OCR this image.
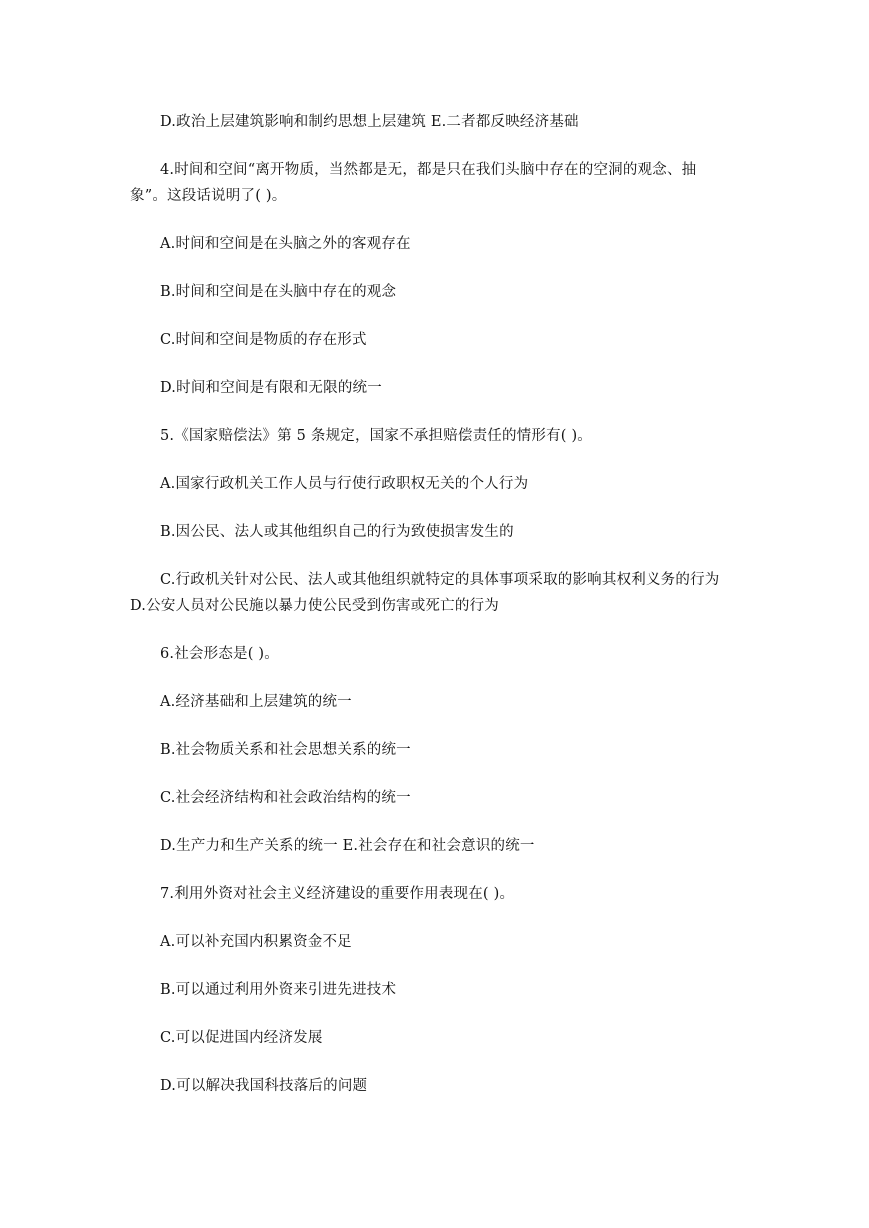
D.政治上层建筑影响和制约思想上层建筑 E.二者都反映经济基础
4.时间和空间“离开物质，当然都是无，都是只在我们头脑中存在的空洞的观念、抽
象”。这段话说明了( )。
A.时间和空间是在头脑之外的客观存在
B.时间和空间是在头脑中存在的观念
C.时间和空间是物质的存在形式
D.时间和空间是有限和无限的统一
5.《国家赔偿法》第 5 条规定，国家不承担赔偿责任的情形有( )。
A.国家行政机关工作人员与行使行政职权无关的个人行为
B.因公民、法人或其他组织自己的行为致使损害发生的
C.行政机关针对公民、法人或其他组织就特定的具体事项采取的影响其权利义务的行为
D.公安人员对公民施以暴力使公民受到伤害或死亡的行为
6.社会形态是( )。
A.经济基础和上层建筑的统一
B.社会物质关系和社会思想关系的统一
C.社会经济结构和社会政治结构的统一
D.生产力和生产关系的统一 E.社会存在和社会意识的统一
7.利用外资对社会主义经济建设的重要作用表现在( )。
A.可以补充国内积累资金不足
B.可以通过利用外资来引进先进技术
C.可以促进国内经济发展
D.可以解决我国科技落后的问题
